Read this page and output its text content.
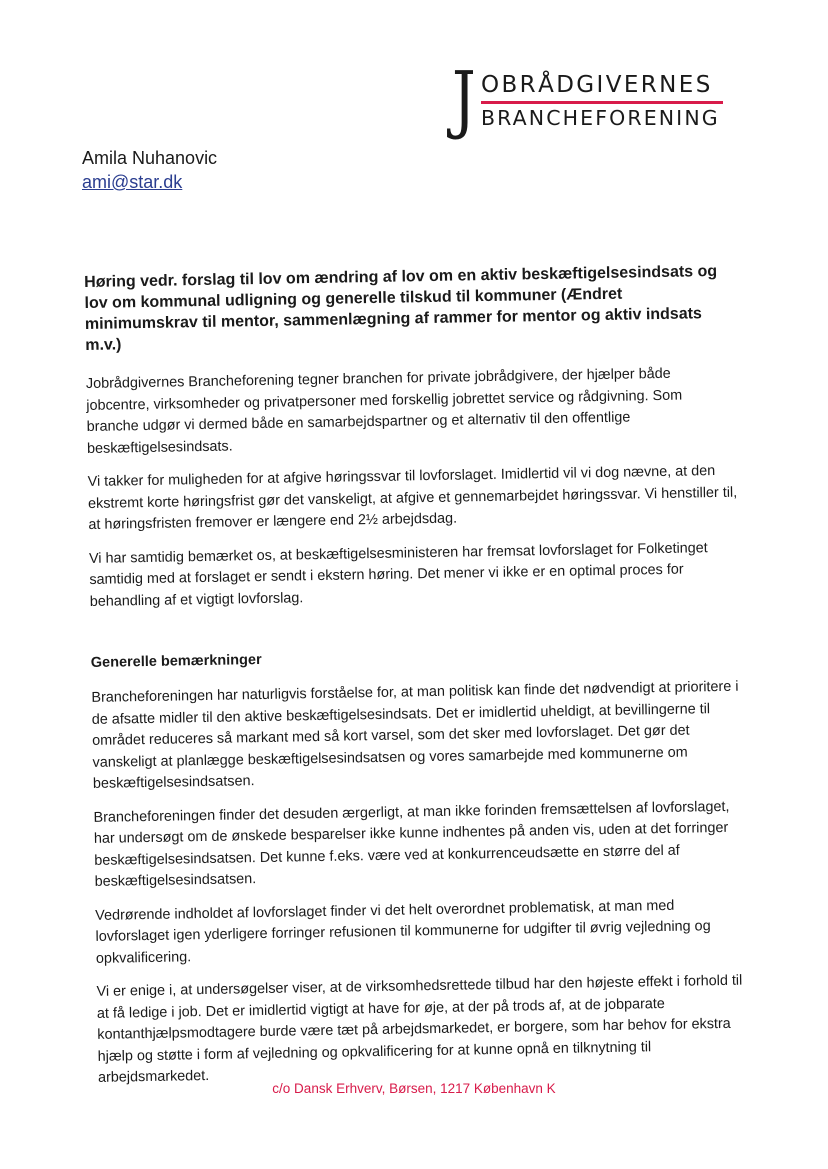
J OBRÅDGIVERNES
BRANCHEFORENING
Amila Nuhanovic
ami@star.dk
Høring vedr. forslag til lov om ændring af lov om en aktiv beskæftigelsesindsats og lov om kommunal udligning og generelle tilskud til kommuner (Ændret minimumskrav til mentor, sammenlægning af rammer for mentor og aktiv indsats m.v.)

Jobrådgivernes Brancheforening tegner branchen for private jobrådgivere, der hjælper både jobcentre, virksomheder og privatpersoner med forskellig jobrettet service og rådgivning. Som branche udgør vi dermed både en samarbejdspartner og et alternativ til den offentlige beskæftigelsesindsats.

Vi takker for muligheden for at afgive høringssvar til lovforslaget. Imidlertid vil vi dog nævne, at den ekstremt korte høringsfrist gør det vanskeligt, at afgive et gennemarbejdet høringssvar. Vi henstiller til, at høringsfristen fremover er længere end 2½ arbejdsdag.

Vi har samtidig bemærket os, at beskæftigelsesministeren har fremsat lovforslaget for Folketinget samtidig med at forslaget er sendt i ekstern høring. Det mener vi ikke er en optimal proces for behandling af et vigtigt lovforslag.

Generelle bemærkninger

Brancheforeningen har naturligvis forståelse for, at man politisk kan finde det nødvendigt at prioritere i de afsatte midler til den aktive beskæftigelsesindsats. Det er imidlertid uheldigt, at bevillingerne til området reduceres så markant med så kort varsel, som det sker med lovforslaget. Det gør det vanskeligt at planlægge beskæftigelsesindsatsen og vores samarbejde med kommunerne om beskæftigelsesindsatsen.

Brancheforeningen finder det desuden ærgerligt, at man ikke forinden fremsættelsen af lovforslaget, har undersøgt om de ønskede besparelser ikke kunne indhentes på anden vis, uden at det forringer beskæftigelsesindsatsen. Det kunne f.eks. være ved at konkurrenceudsætte en større del af beskæftigelsesindsatsen.

Vedrørende indholdet af lovforslaget finder vi det helt overordnet problematisk, at man med lovforslaget igen yderligere forringer refusionen til kommunerne for udgifter til øvrig vejledning og opkvalificering.

Vi er enige i, at undersøgelser viser, at de virksomhedsrettede tilbud har den højeste effekt i forhold til at få ledige i job. Det er imidlertid vigtigt at have for øje, at der på trods af, at de jobparate kontanthjælpsmodtagere burde være tæt på arbejdsmarkedet, er borgere, som har behov for ekstra hjælp og støtte i form af vejledning og opkvalificering for at kunne opnå en tilknytning til arbejdsmarkedet.

c/o Dansk Erhverv, Børsen, 1217 København K
